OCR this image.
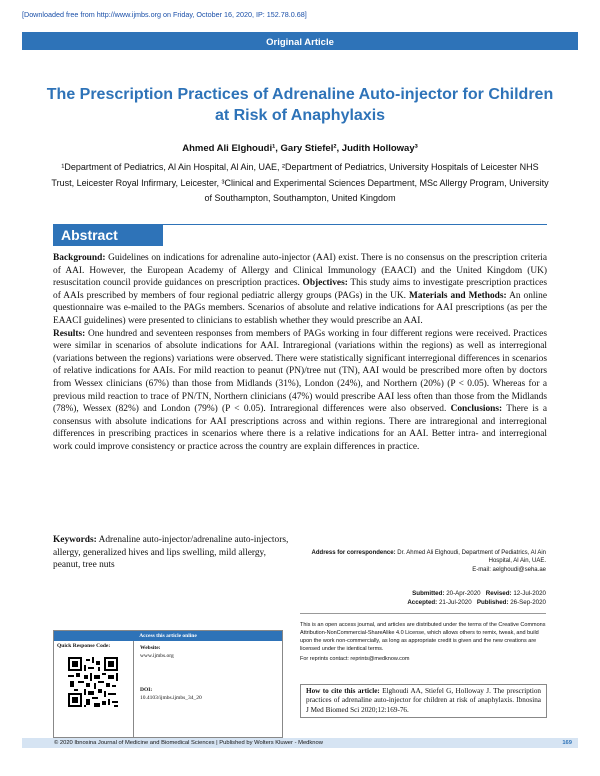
[Downloaded free from http://www.ijmbs.org on Friday, October 16, 2020, IP: 152.78.0.68]
Original Article
The Prescription Practices of Adrenaline Auto-injector for Children at Risk of Anaphylaxis
Ahmed Ali Elghoudi¹, Gary Stiefel², Judith Holloway³
¹Department of Pediatrics, Al Ain Hospital, Al Ain, UAE, ²Department of Pediatrics, University Hospitals of Leicester NHS Trust, Leicester Royal Infirmary, Leicester, ³Clinical and Experimental Sciences Department, MSc Allergy Program, University of Southampton, Southampton, United Kingdom
Abstract

Background: Guidelines on indications for adrenaline auto-injector (AAI) exist. There is no consensus on the prescription criteria of AAI. However, the European Academy of Allergy and Clinical Immunology (EAACI) and the United Kingdom (UK) resuscitation council provide guidances on prescription practices. Objectives: This study aims to investigate prescription practices of AAIs prescribed by members of four regional pediatric allergy groups (PAGs) in the UK. Materials and Methods: An online questionnaire was e-mailed to the PAGs members. Scenarios of absolute and relative indications for AAI prescriptions (as per the EAACI guidelines) were presented to clinicians to establish whether they would prescribe an AAI.

Results: One hundred and seventeen responses from members of PAGs working in four different regions were received. Practices were similar in scenarios of absolute indications for AAI. Intraregional (variations within the regions) as well as interregional (variations between the regions) variations were observed. There were statistically significant interregional differences in scenarios of relative indications for AAIs. For mild reaction to peanut (PN)/tree nut (TN), AAI would be prescribed more often by doctors from Wessex clinicians (67%) than those from Midlands (31%), London (24%), and Northern (20%) (P < 0.05). Whereas for a previous mild reaction to trace of PN/TN, Northern clinicians (47%) would prescribe AAI less often than those from the Midlands (78%), Wessex (82%) and London (79%) (P < 0.05). Intraregional differences were also observed. Conclusions: There is a consensus with absolute indications for AAI prescriptions across and within regions. There are intraregional and interregional differences in prescribing practices in scenarios where there is a relative indications for an AAI. Better intra- and interregional work could improve consistency or practice across the country are explain differences in practice.

Keywords: Adrenaline auto-injector/adrenaline auto-injectors, allergy, generalized hives and lips swelling, mild allergy, peanut, tree nuts
Address for correspondence: Dr. Ahmed Ali Elghoudi, Department of Pediatrics, Al Ain Hospital, Al Ain, UAE.
E-mail: aelghoudi@seha.ae
Submitted: 20-Apr-2020 Revised: 12-Jul-2020
Accepted: 21-Jul-2020 Published: 26-Sep-2020
Access this article online
Quick Response Code:	Website:
www.ijmbs.org
DOI:
10.4103/ijmbs.ijmbs_34_20
This is an open access journal, and articles are distributed under the terms of the Creative Commons Attribution-NonCommercial-ShareAlike 4.0 License, which allows others to remix, tweak, and build upon the work non-commercially, as long as appropriate credit is given and the new creations are licensed under the identical terms.
For reprints contact: reprints@medknow.com
How to cite this article: Elghoudi AA, Stiefel G, Holloway J. The prescription practices of adrenaline auto-injector for children at risk of anaphylaxis. Ibnosina J Med Biomed Sci 2020;12:169-76.
© 2020 Ibnosina Journal of Medicine and Biomedical Sciences | Published by Wolters Kluwer - Medknow	169
